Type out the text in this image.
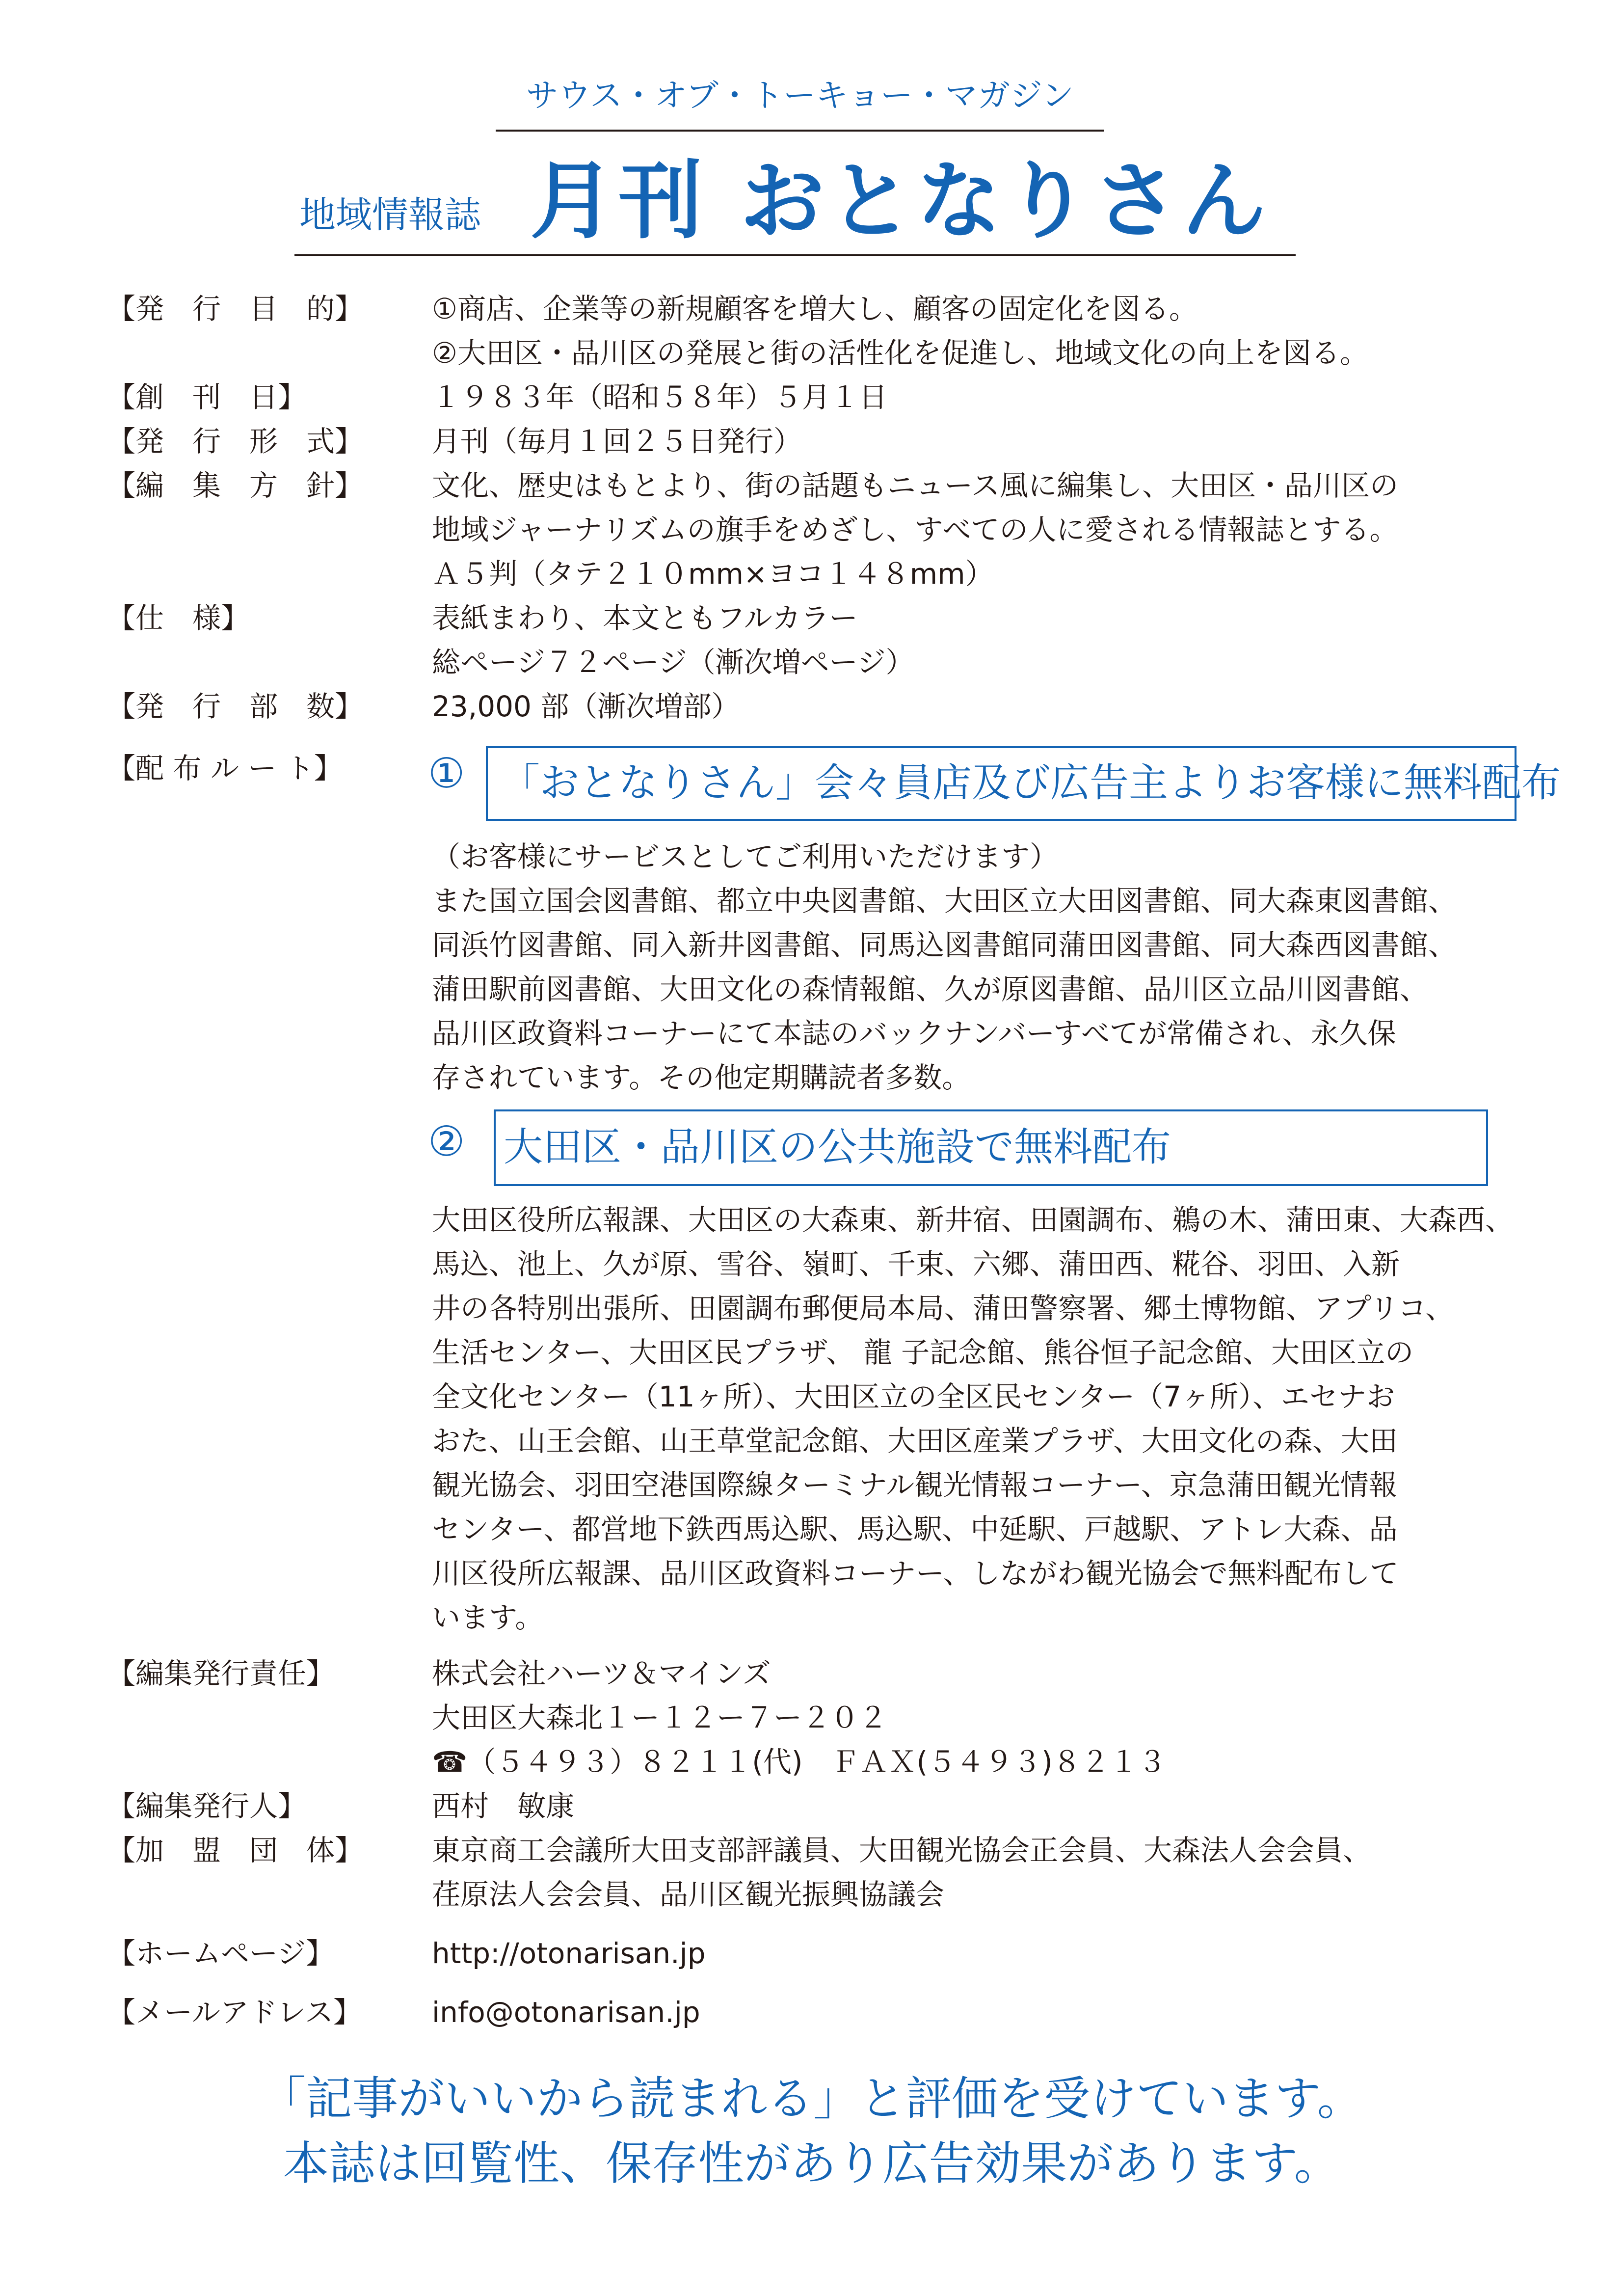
サウス・オブ・トーキョー・マガジン
地域情報誌 月刊 おとなりさん
【発　行　目　的】	①商店、企業等の新規顧客を増大し、顧客の固定化を図る。
②大田区・品川区の発展と街の活性化を促進し、地域文化の向上を図る。
【創　刊　日】	１９８３年（昭和５８年）５月１日
【発　行　形　式】	月刊（毎月１回２５日発行）
【編　集　方　針】	文化、歴史はもとより、街の話題もニュース風に編集し、大田区・品川区の
地域ジャーナリズムの旗手をめざし、すべての人に愛される情報誌とする。
Ａ５判（タテ２１０mm×ヨコ１４８mm）
【仕　様】	表紙まわり、本文ともフルカラー
総ページ７２ページ（漸次増ページ）
【発　行　部　数】	23,000 部（漸次増部）
【配 布 ル ー ト】	① 「おとなりさん」会々員店及び広告主よりお客様に無料配布
（お客様にサービスとしてご利用いただけます）
また国立国会図書館、都立中央図書館、大田区立大田図書館、同大森東図書館、
同浜竹図書館、同入新井図書館、同馬込図書館同蒲田図書館、同大森西図書館、
蒲田駅前図書館、大田文化の森情報館、久が原図書館、品川区立品川図書館、
品川区政資料コーナーにて本誌のバックナンバーすべてが常備され、永久保
存されています。その他定期購読者多数。
② 大田区・品川区の公共施設で無料配布
大田区役所広報課、大田区の大森東、新井宿、田園調布、鵜の木、蒲田東、大森西、
馬込、池上、久が原、雪谷、嶺町、千束、六郷、蒲田西、糀谷、羽田、入新
井の各特別出張所、田園調布郵便局本局、蒲田警察署、郷土博物館、アプリコ、
生活センター、大田区民プラザ、 龍 子記念館、熊谷恒子記念館、大田区立の
全文化センター（11ヶ所）、大田区立の全区民センター（7ヶ所）、エセナお
おた、山王会館、山王草堂記念館、大田区産業プラザ、大田文化の森、大田
観光協会、羽田空港国際線ターミナル観光情報コーナー、京急蒲田観光情報
センター、都営地下鉄西馬込駅、馬込駅、中延駅、戸越駅、アトレ大森、品
川区役所広報課、品川区政資料コーナー、しながわ観光協会で無料配布して
います。
【編集発行責任】	株式会社ハーツ＆マインズ
大田区大森北１ー１２ー７ー２０２
☎（５４９３）８２１１(代)　ＦＡＸ(５４９３)８２１３
【編集発行人】	西村　敏康
【加　盟　団　体】	東京商工会議所大田支部評議員、大田観光協会正会員、大森法人会会員、
荏原法人会会員、品川区観光振興協議会
【ホームページ】	http://otonarisan.jp
【メールアドレス】	info@otonarisan.jp
「記事がいいから読まれる」と評価を受けています。
本誌は回覧性、保存性があり広告効果があります。
